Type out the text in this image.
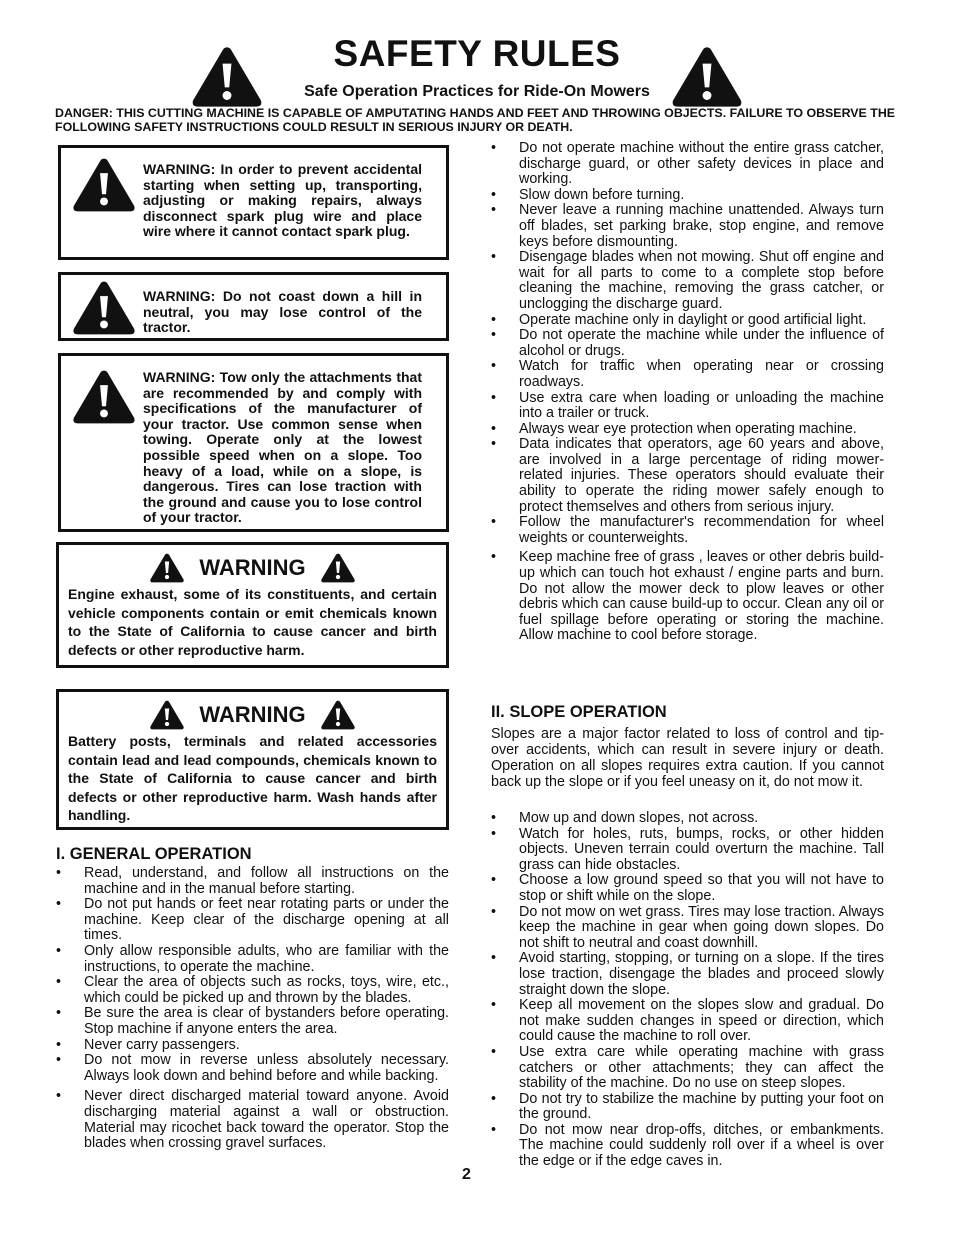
SAFETY RULES
Safe Operation Practices for Ride-On Mowers
DANGER: THIS CUTTING MACHINE IS CAPABLE OF AMPUTATING HANDS AND FEET AND THROWING OBJECTS. FAILURE TO OBSERVE THE FOLLOWING SAFETY INSTRUCTIONS COULD RESULT IN SERIOUS INJURY OR DEATH.
WARNING: In order to prevent accidental starting when setting up, transporting, adjusting or making repairs, always disconnect spark plug wire and place wire where it cannot contact spark plug.
WARNING: Do not coast down a hill in neutral, you may lose control of the tractor.
WARNING: Tow only the attachments that are recommended by and comply with specifications of the manufacturer of your tractor. Use common sense when towing. Operate only at the lowest possible speed when on a slope. Too heavy of a load, while on a slope, is dangerous. Tires can lose traction with the ground and cause you to lose control of your tractor.
WARNING
Engine exhaust, some of its constituents, and certain vehicle components contain or emit chemicals known to the State of California to cause cancer and birth defects or other reproductive harm.
WARNING
Battery posts, terminals and related accessories contain lead and lead compounds, chemicals known to the State of California to cause cancer and birth defects or other reproductive harm. Wash hands after handling.
I. GENERAL OPERATION
• Read, understand, and follow all instructions on the machine and in the manual before starting.
• Do not put hands or feet near rotating parts or under the machine. Keep clear of the discharge opening at all times.
• Only allow responsible adults, who are familiar with the instructions, to operate the machine.
• Clear the area of objects such as rocks, toys, wire, etc., which could be picked up and thrown by the blades.
• Be sure the area is clear of bystanders before operating. Stop machine if anyone enters the area.
• Never carry passengers.
• Do not mow in reverse unless absolutely necessary. Always look down and behind before and while backing.
• Never direct discharged material toward anyone. Avoid discharging material against a wall or obstruction. Material may ricochet back toward the operator. Stop the blades when crossing gravel surfaces.
• Do not operate machine without the entire grass catcher, discharge guard, or other safety devices in place and working.
• Slow down before turning.
• Never leave a running machine unattended. Always turn off blades, set parking brake, stop engine, and remove keys before dismounting.
• Disengage blades when not mowing. Shut off engine and wait for all parts to come to a complete stop before cleaning the machine, removing the grass catcher, or unclogging the discharge guard.
• Operate machine only in daylight or good artificial light.
• Do not operate the machine while under the influence of alcohol or drugs.
• Watch for traffic when operating near or crossing roadways.
• Use extra care when loading or unloading the machine into a trailer or truck.
• Always wear eye protection when operating machine.
• Data indicates that operators, age 60 years and above, are involved in a large percentage of riding mower-related injuries. These operators should evaluate their ability to operate the riding mower safely enough to protect themselves and others from serious injury.
• Follow the manufacturer's recommendation for wheel weights or counterweights.
• Keep machine free of grass , leaves or other debris build-up which can touch hot exhaust / engine parts and burn. Do not allow the mower deck to plow leaves or other debris which can cause build-up to occur. Clean any oil or fuel spillage before operating or storing the machine. Allow machine to cool before storage.
II. SLOPE OPERATION
Slopes are a major factor related to loss of control and tip-over accidents, which can result in severe injury or death. Operation on all slopes requires extra caution. If you cannot back up the slope or if you feel uneasy on it, do not mow it.
• Mow up and down slopes, not across.
• Watch for holes, ruts, bumps, rocks, or other hidden objects. Uneven terrain could overturn the machine. Tall grass can hide obstacles.
• Choose a low ground speed so that you will not have to stop or shift while on the slope.
• Do not mow on wet grass. Tires may lose traction. Always keep the machine in gear when going down slopes. Do not shift to neutral and coast downhill.
• Avoid starting, stopping, or turning on a slope. If the tires lose traction, disengage the blades and proceed slowly straight down the slope.
• Keep all movement on the slopes slow and gradual. Do not make sudden changes in speed or direction, which could cause the machine to roll over.
• Use extra care while operating machine with grass catchers or other attachments; they can affect the stability of the machine. Do no use on steep slopes.
• Do not try to stabilize the machine by putting your foot on the ground.
• Do not mow near drop-offs, ditches, or embankments. The machine could suddenly roll over if a wheel is over the edge or if the edge caves in.
2
